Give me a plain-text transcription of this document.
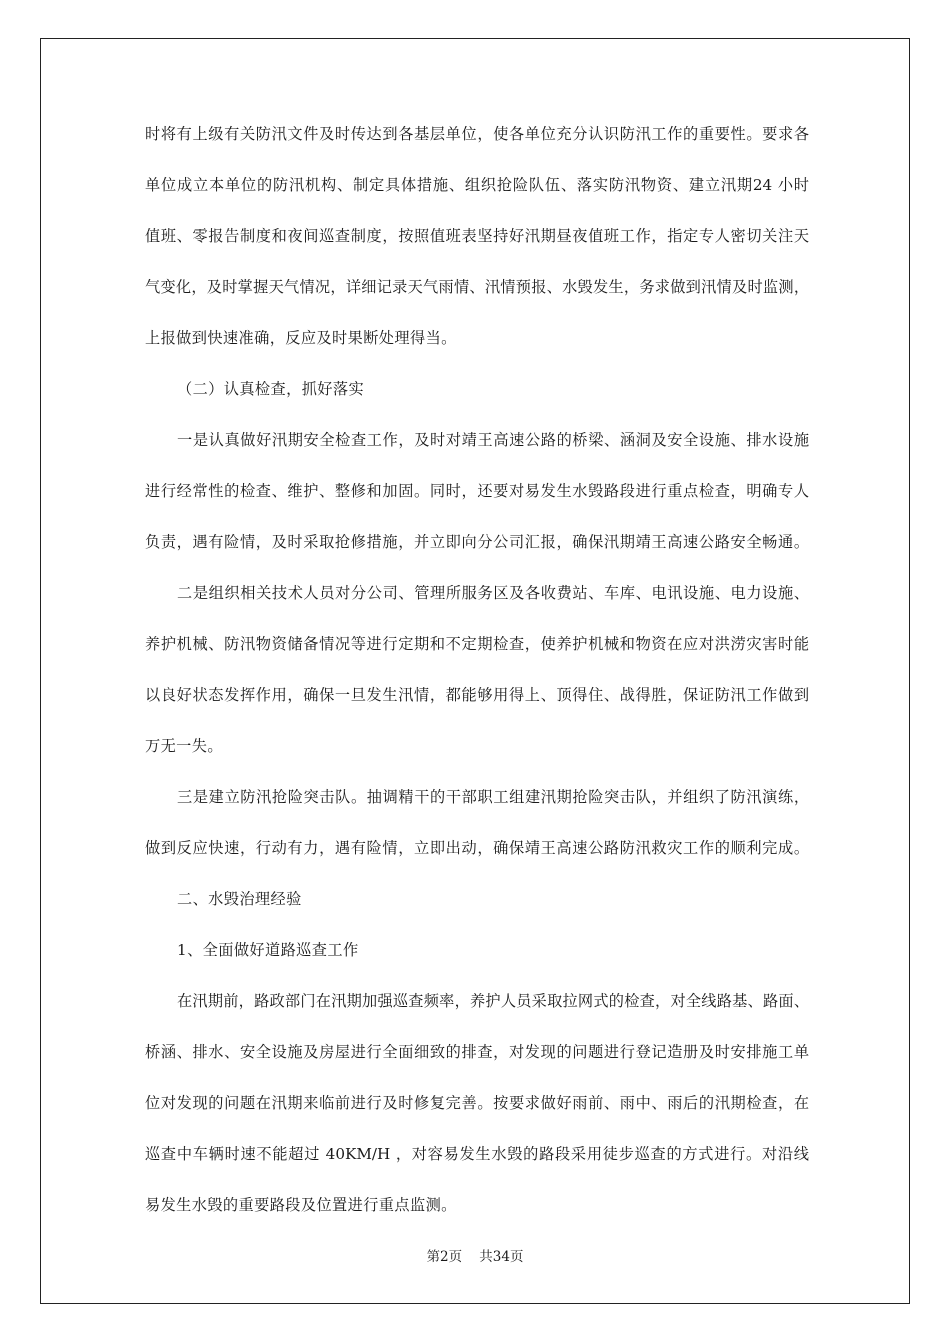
时将有上级有关防汛文件及时传达到各基层单位，使各单位充分认识防汛工作的重要性。要求各
单位成立本单位的防汛机构、制定具体措施、组织抢险队伍、落实防汛物资、建立汛期24 小时
值班、零报告制度和夜间巡查制度，按照值班表坚持好汛期昼夜值班工作，指定专人密切关注天
气变化，及时掌握天气情况，详细记录天气雨情、汛情预报、水毁发生，务求做到汛情及时监测，
上报做到快速准确，反应及时果断处理得当。
（二）认真检查，抓好落实
一是认真做好汛期安全检查工作，及时对靖王高速公路的桥梁、涵洞及安全设施、排水设施
进行经常性的检查、维护、整修和加固。同时，还要对易发生水毁路段进行重点检查，明确专人
负责，遇有险情，及时采取抢修措施，并立即向分公司汇报，确保汛期靖王高速公路安全畅通。
二是组织相关技术人员对分公司、管理所服务区及各收费站、车库、电讯设施、电力设施、
养护机械、防汛物资储备情况等进行定期和不定期检查，使养护机械和物资在应对洪涝灾害时能
以良好状态发挥作用，确保一旦发生汛情，都能够用得上、顶得住、战得胜，保证防汛工作做到
万无一失。
三是建立防汛抢险突击队。抽调精干的干部职工组建汛期抢险突击队，并组织了防汛演练，
做到反应快速，行动有力，遇有险情，立即出动，确保靖王高速公路防汛救灾工作的顺利完成。
二、水毁治理经验
1、全面做好道路巡查工作
在汛期前，路政部门在汛期加强巡查频率，养护人员采取拉网式的检查，对全线路基、路面、
桥涵、排水、安全设施及房屋进行全面细致的排查，对发现的问题进行登记造册及时安排施工单
位对发现的问题在汛期来临前进行及时修复完善。按要求做好雨前、雨中、雨后的汛期检查，在
巡查中车辆时速不能超过 40KM/H ，对容易发生水毁的路段采用徒步巡查的方式进行。对沿线
易发生水毁的重要路段及位置进行重点监测。
第2页    共34页
